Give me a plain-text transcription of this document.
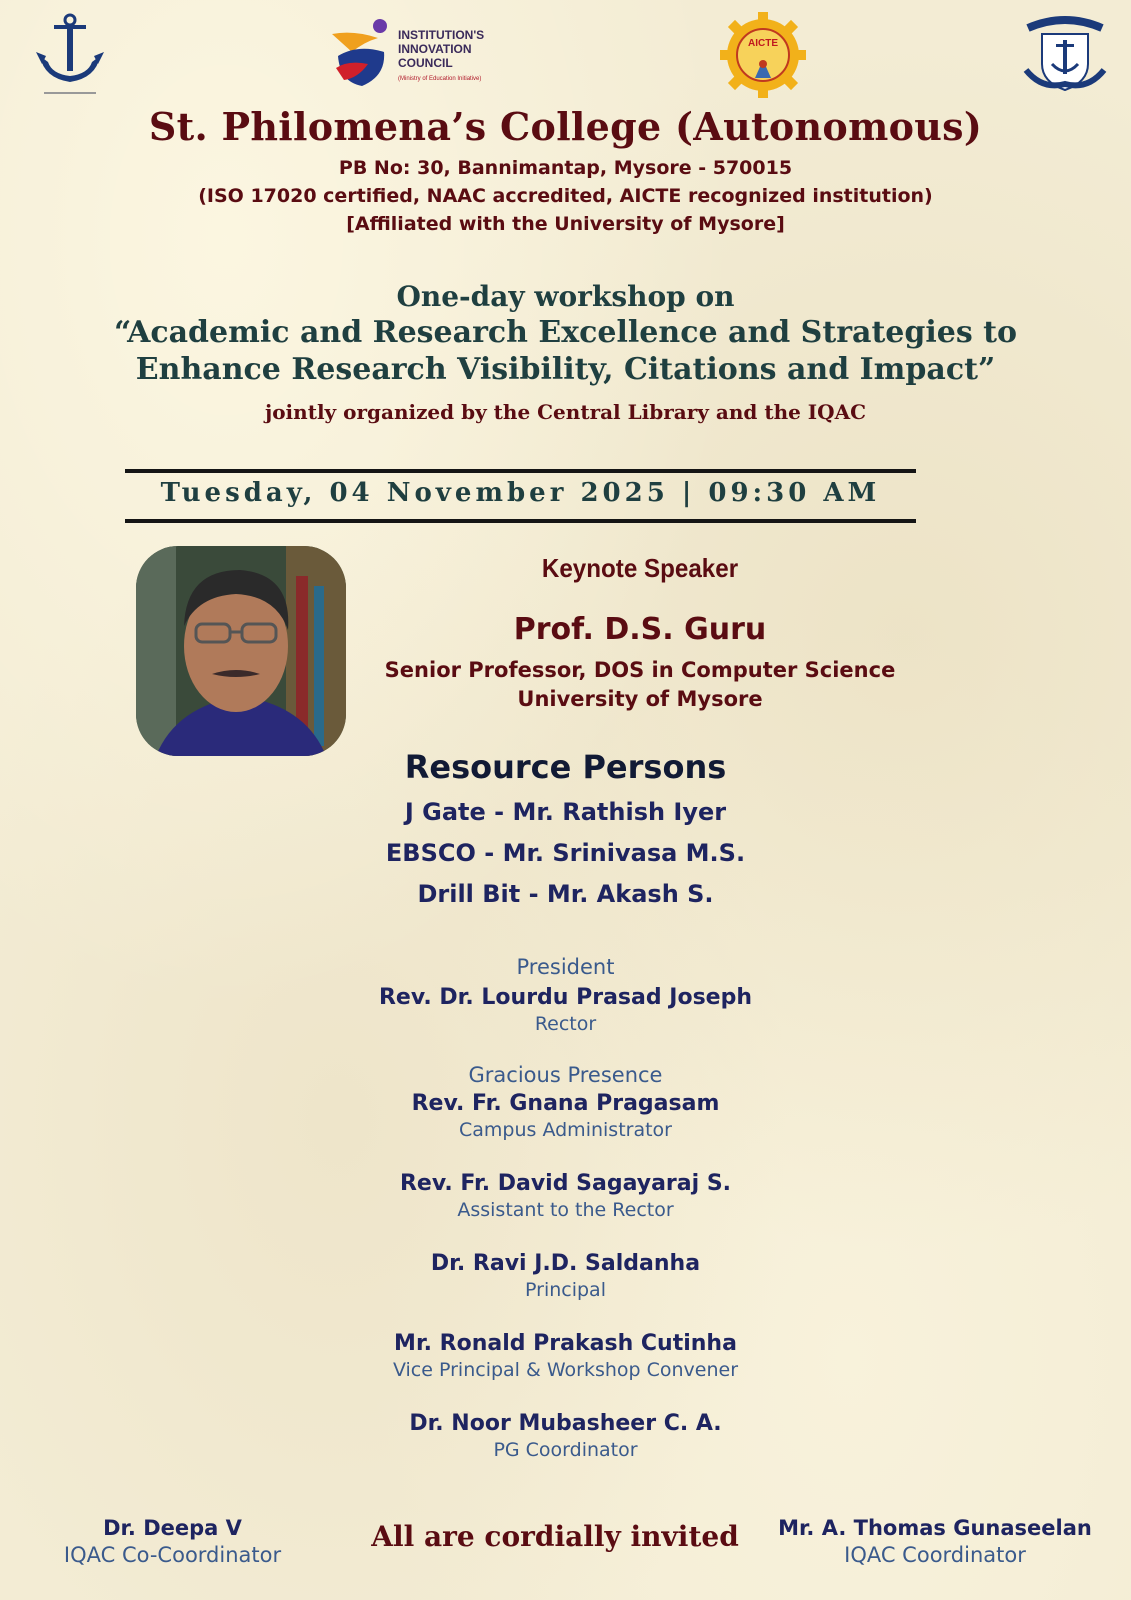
INSTITUTION'S
INNOVATION
COUNCIL
(Ministry of Education Initiative)
AICTE
St. Philomena’s College (Autonomous)
PB No: 30, Bannimantap, Mysore - 570015
(ISO 17020 certified, NAAC accredited, AICTE recognized institution)
[Affiliated with the University of Mysore]
One-day workshop on
“Academic and Research Excellence and Strategies to
Enhance Research Visibility, Citations and Impact”
jointly organized by the Central Library and the IQAC
Tuesday, 04 November 2025 | 09:30 AM
Keynote Speaker
Prof. D.S. Guru
Senior Professor, DOS in Computer Science
University of Mysore
Resource Persons
J Gate - Mr. Rathish Iyer
EBSCO - Mr. Srinivasa M.S.
Drill Bit - Mr. Akash S.
President
Rev. Dr. Lourdu Prasad Joseph
Rector
Gracious Presence
Rev. Fr. Gnana Pragasam
Campus Administrator
Rev. Fr. David Sagayaraj S.
Assistant to the Rector
Dr. Ravi J.D. Saldanha
Principal
Mr. Ronald Prakash Cutinha
Vice Principal & Workshop Convener
Dr. Noor Mubasheer C. A.
PG Coordinator
Dr. Deepa V
IQAC Co-Coordinator
All are cordially invited	Mr. A. Thomas Gunaseelan
IQAC Coordinator
